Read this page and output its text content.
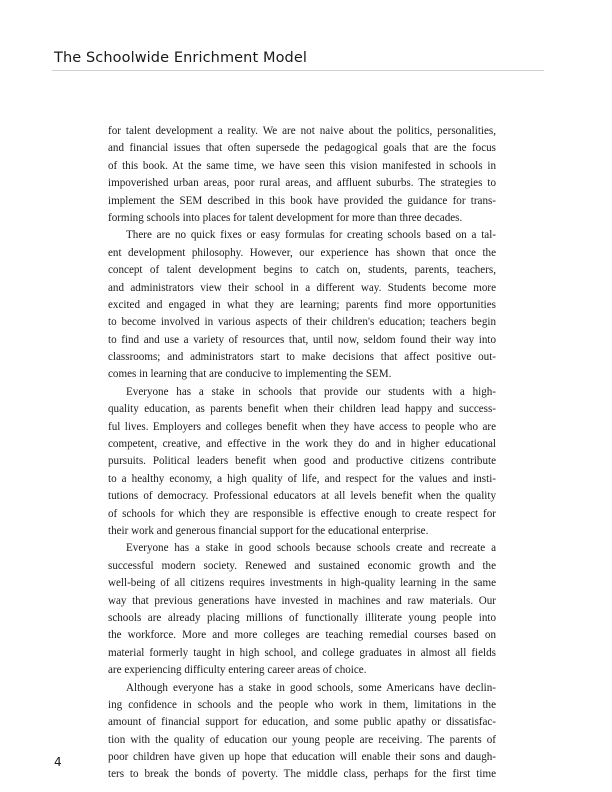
The Schoolwide Enrichment Model
for talent development a reality. We are not naive about the politics, personalities,
and financial issues that often supersede the pedagogical goals that are the focus
of this book. At the same time, we have seen this vision manifested in schools in
impoverished urban areas, poor rural areas, and affluent suburbs. The strategies to
implement the SEM described in this book have provided the guidance for trans-
forming schools into places for talent development for more than three decades.
There are no quick fixes or easy formulas for creating schools based on a tal-
ent development philosophy. However, our experience has shown that once the
concept of talent development begins to catch on, students, parents, teachers,
and administrators view their school in a different way. Students become more
excited and engaged in what they are learning; parents find more opportunities
to become involved in various aspects of their children's education; teachers begin
to find and use a variety of resources that, until now, seldom found their way into
classrooms; and administrators start to make decisions that affect positive out-
comes in learning that are conducive to implementing the SEM.
Everyone has a stake in schools that provide our students with a high-
quality education, as parents benefit when their children lead happy and success-
ful lives. Employers and colleges benefit when they have access to people who are
competent, creative, and effective in the work they do and in higher educational
pursuits. Political leaders benefit when good and productive citizens contribute
to a healthy economy, a high quality of life, and respect for the values and insti-
tutions of democracy. Professional educators at all levels benefit when the quality
of schools for which they are responsible is effective enough to create respect for
their work and generous financial support for the educational enterprise.
Everyone has a stake in good schools because schools create and recreate a
successful modern society. Renewed and sustained economic growth and the
well-being of all citizens requires investments in high-quality learning in the same
way that previous generations have invested in machines and raw materials. Our
schools are already placing millions of functionally illiterate young people into
the workforce. More and more colleges are teaching remedial courses based on
material formerly taught in high school, and college graduates in almost all fields
are experiencing difficulty entering career areas of choice.
Although everyone has a stake in good schools, some Americans have declin-
ing confidence in schools and the people who work in them, limitations in the
amount of financial support for education, and some public apathy or dissatisfac-
tion with the quality of education our young people are receiving. The parents of
poor children have given up hope that education will enable their sons and daugh-
ters to break the bonds of poverty. The middle class, perhaps for the first time
4
